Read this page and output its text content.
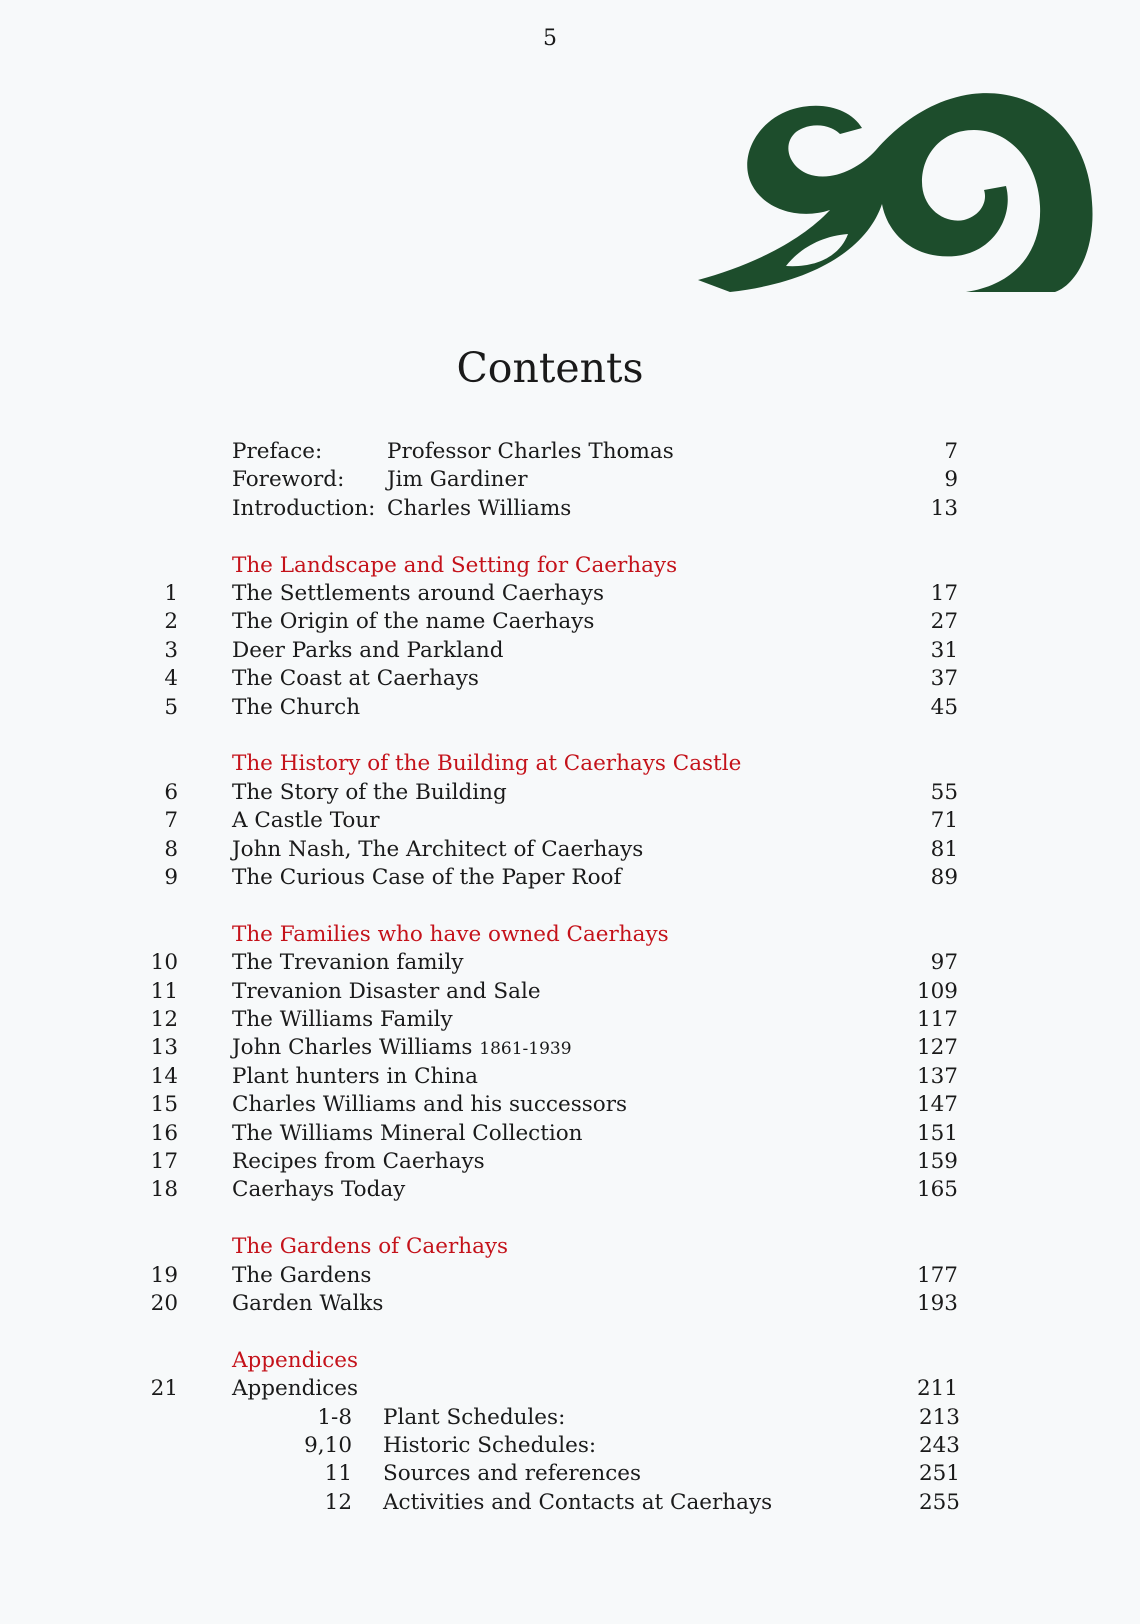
5
Contents
Preface:	Professor Charles Thomas	7
Foreword: Jim Gardiner	9
Introduction: Charles Williams	13
The Landscape and Setting for Caerhays
1	The Settlements around Caerhays	17
2	The Origin of the name Caerhays	27
3	Deer Parks and Parkland	31
4	The Coast at Caerhays	37
5	The Church	45
The History of the Building at Caerhays Castle
6	The Story of the Building	55
7	A Castle Tour	71
8	John Nash, The Architect of Caerhays	81
9	The Curious Case of the Paper Roof	89
The Families who have owned Caerhays
10	The Trevanion family	97
11	Trevanion Disaster and Sale	109
12	The Williams Family	117
13	John Charles Williams 1861-1939	127
14	Plant hunters in China	137
15	Charles Williams and his successors	147
16	The Williams Mineral Collection	151
17	Recipes from Caerhays	159
18	Caerhays Today	165
The Gardens of Caerhays
19	The Gardens	177
20	Garden Walks	193
Appendices
21	Appendices	211
1-8 Plant Schedules:	213
9,10 Historic Schedules:	243
11 Sources and references	251
12 Activities and Contacts at Caerhays	255
